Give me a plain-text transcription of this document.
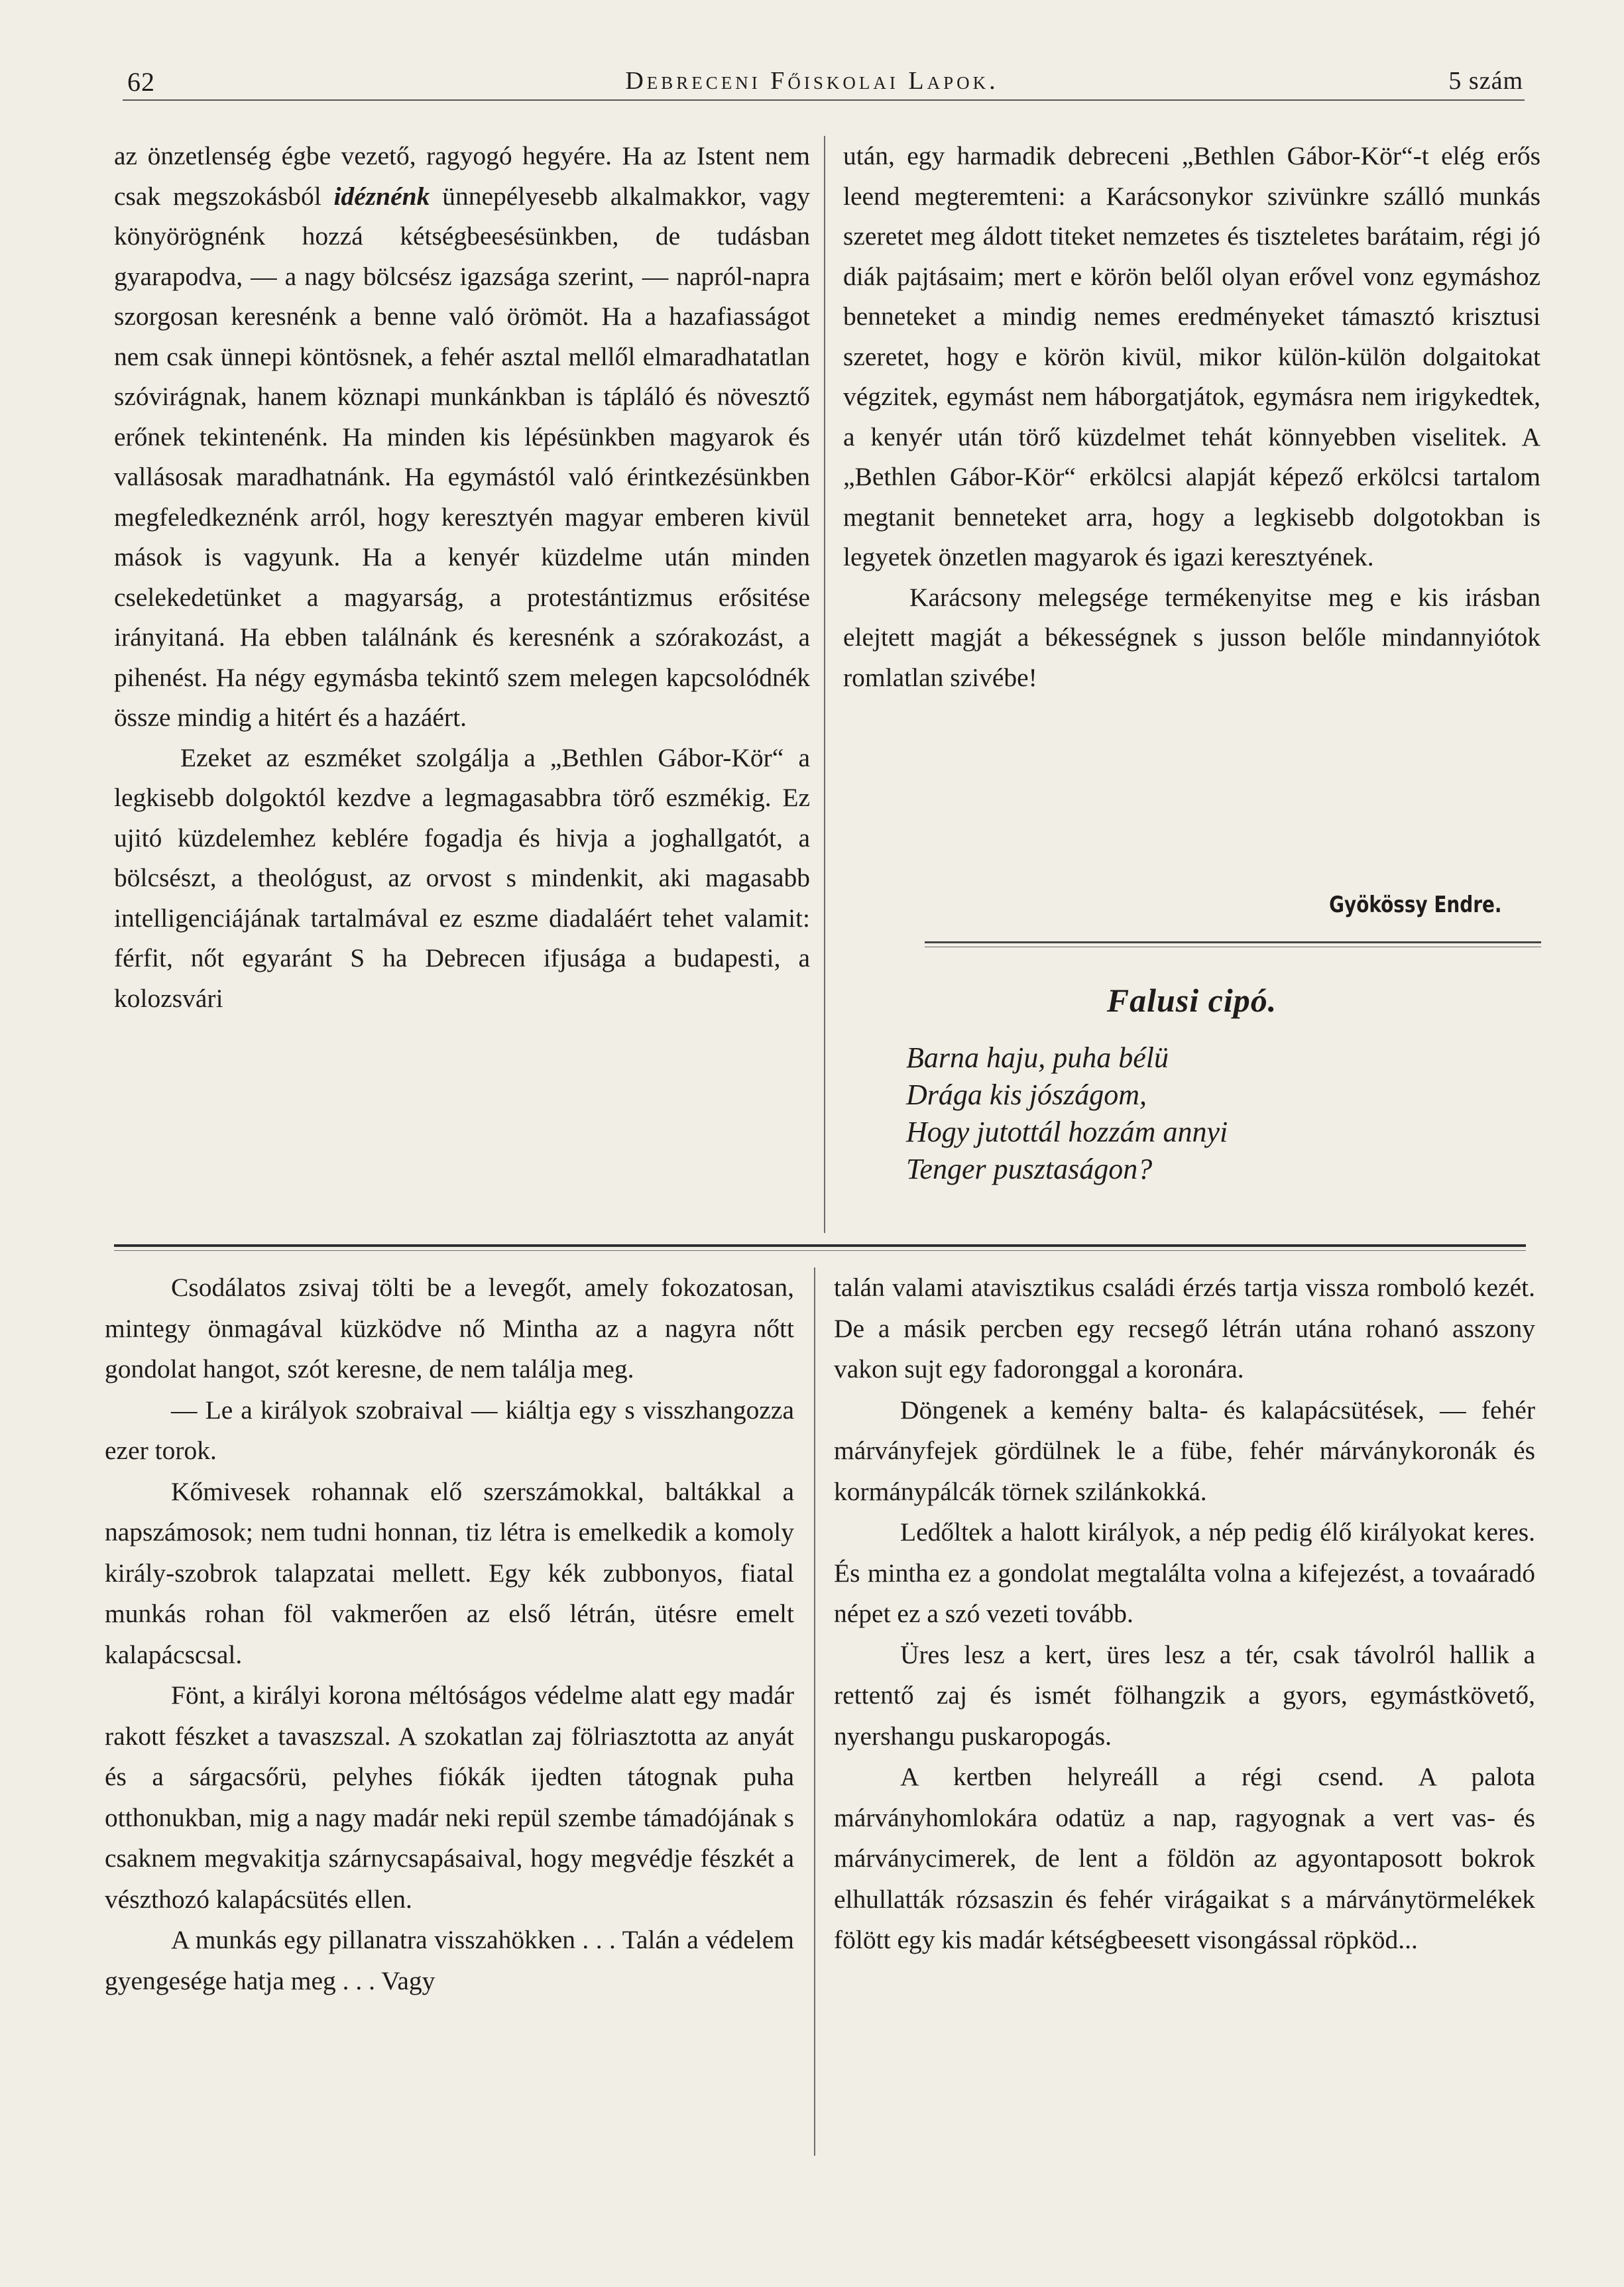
62	Debreceni Főiskolai Lapok.	5 szám

az önzetlenség égbe vezető, ragyogó hegyére. Ha az Istent nem csak megszokásból idéznénk ünnepélyesebb alkalmakkor, vagy könyörögnénk hozzá kétségbeesésünkben, de tudásban gyarapodva, — a nagy bölcsész igazsága szerint, — napról-napra szorgosan keresnénk a benne való örömöt. Ha a hazafiasságot nem csak ünnepi köntösnek, a fehér asztal mellől elmaradhatatlan szóvirágnak, hanem köznapi munkánkban is tápláló és növesztő erőnek tekintenénk. Ha minden kis lépésünkben magyarok és vallásosak maradhatnánk. Ha egymástól való érintkezésünkben megfeledkeznénk arról, hogy keresztyén magyar emberen kivül mások is vagyunk. Ha a kenyér küzdelme után minden cselekedetünket a magyarság, a protestántizmus erősitése irányitaná. Ha ebben találnánk és keresnénk a szórakozást, a pihenést. Ha négy egymásba tekintő szem melegen kapcsolódnék össze mindig a hitért és a hazáért.

Ezeket az eszméket szolgálja a „Bethlen Gábor-Kör“ a legkisebb dolgoktól kezdve a legmagasabbra törő eszmékig. Ez ujitó küzdelemhez keblére fogadja és hivja a joghallgatót, a bölcsészt, a theológust, az orvost s mindenkit, aki magasabb intelligenciájának tartalmával ez eszme diadaláért tehet valamit: férfit, nőt egyaránt S ha Debrecen ifjusága a budapesti, a kolozsvári

után, egy harmadik debreceni „Bethlen Gábor-Kör“-t elég erős leend megteremteni: a Karácsonykor szivünkre szálló munkás szeretet meg áldott titeket nemzetes és tiszteletes barátaim, régi jó diák pajtásaim; mert e körön belől olyan erővel vonz egymáshoz benneteket a mindig nemes eredményeket támasztó krisztusi szeretet, hogy e körön kivül, mikor külön-külön dolgaitokat végzitek, egymást nem háborgatjátok, egymásra nem irigykedtek, a kenyér után törő küzdelmet tehát könnyebben viselitek. A „Bethlen Gábor-Kör“ erkölcsi alapját képező erkölcsi tartalom megtanit benneteket arra, hogy a legkisebb dolgotokban is legyetek önzetlen magyarok és igazi keresztyének.

Karácsony melegsége termékenyitse meg e kis irásban elejtett magját a békességnek s jusson belőle mindannyiótok romlatlan szivébe!

Gyökössy Endre.
Falusi cipó.

Barna haju, puha bélü

Drága kis jószágom,

Hogy jutottál hozzám annyi

Tenger pusztaságon?

Csodálatos zsivaj tölti be a levegőt, amely fokozatosan, mintegy önmagával küzködve nő Mintha az a nagyra nőtt gondolat hangot, szót keresne, de nem találja meg.

— Le a királyok szobraival — kiáltja egy s visszhangozza ezer torok.

Kőmivesek rohannak elő szerszámokkal, baltákkal a napszámosok; nem tudni honnan, tiz létra is emelkedik a komoly király-szobrok talapzatai mellett. Egy kék zubbonyos, fiatal munkás rohan föl vakmerően az első létrán, ütésre emelt kalapácscsal.

Fönt, a királyi korona méltóságos védelme alatt egy madár rakott fészket a tavaszszal. A szokatlan zaj fölriasztotta az anyát és a sárgacsőrü, pelyhes fiókák ijedten tátognak puha otthonukban, mig a nagy madár neki repül szembe támadójának s csaknem megvakitja szárnycsapásaival, hogy megvédje fészkét a vészthozó kalapácsütés ellen.

A munkás egy pillanatra visszahökken . . . Talán a védelem gyengesége hatja meg . . . Vagy

talán valami atavisztikus családi érzés tartja vissza romboló kezét. De a másik percben egy recsegő létrán utána rohanó asszony vakon sujt egy fadoronggal a koronára.

Döngenek a kemény balta- és kalapácsütések, — fehér márványfejek gördülnek le a fübe, fehér márványkoronák és kormánypálcák törnek szilánkokká.

Ledőltek a halott királyok, a nép pedig élő királyokat keres. És mintha ez a gondolat megtalálta volna a kifejezést, a tovaáradó népet ez a szó vezeti tovább.

Üres lesz a kert, üres lesz a tér, csak távolról hallik a rettentő zaj és ismét fölhangzik a gyors, egymástkövető, nyershangu puskaropogás.

A kertben helyreáll a régi csend. A palota márványhomlokára odatüz a nap, ragyognak a vert vas- és márványcimerek, de lent a földön az agyontaposott bokrok elhullatták rózsaszin és fehér virágaikat s a márványtörmelékek fölött egy kis madár kétségbeesett visongással röpköd...
